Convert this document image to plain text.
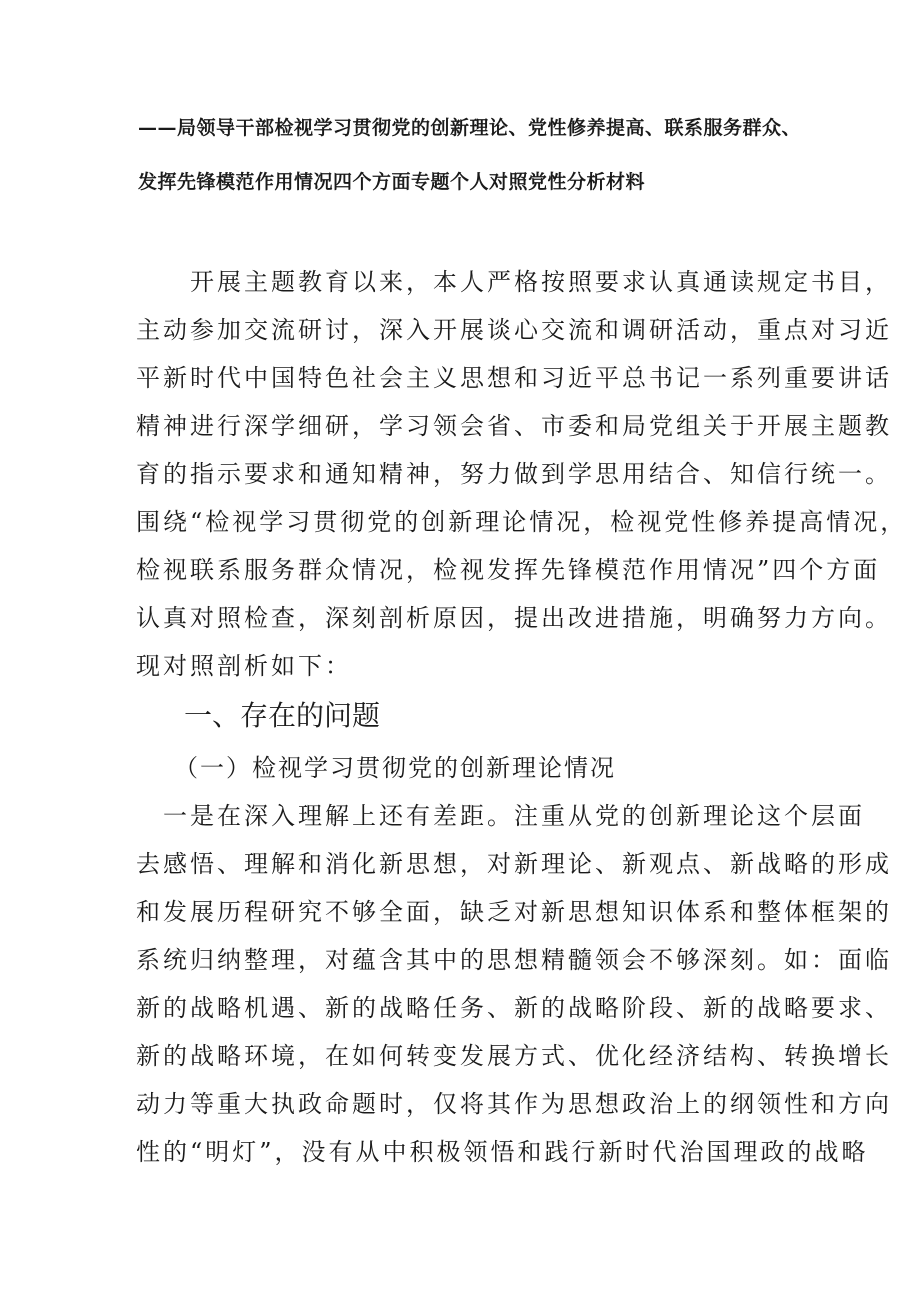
——局领导干部检视学习贯彻党的创新理论、党性修养提高、联系服务群众、
发挥先锋模范作用情况四个方面专题个人对照党性分析材料
　　开展主题教育以来，本人严格按照要求认真通读规定书目，
主动参加交流研讨，深入开展谈心交流和调研活动，重点对习近
平新时代中国特色社会主义思想和习近平总书记一系列重要讲话
精神进行深学细研，学习领会省、市委和局党组关于开展主题教
育的指示要求和通知精神，努力做到学思用结合、知信行统一。
围绕“检视学习贯彻党的创新理论情况，检视党性修养提高情况，
检视联系服务群众情况，检视发挥先锋模范作用情况”四个方面
认真对照检查，深刻剖析原因，提出改进措施，明确努力方向。
现对照剖析如下：
一、存在的问题
（一）检视学习贯彻党的创新理论情况
　一是在深入理解上还有差距。注重从党的创新理论这个层面
去感悟、理解和消化新思想，对新理论、新观点、新战略的形成
和发展历程研究不够全面，缺乏对新思想知识体系和整体框架的
系统归纳整理，对蕴含其中的思想精髓领会不够深刻。如：面临
新的战略机遇、新的战略任务、新的战略阶段、新的战略要求、
新的战略环境，在如何转变发展方式、优化经济结构、转换增长
动力等重大执政命题时，仅将其作为思想政治上的纲领性和方向
性的“明灯”，没有从中积极领悟和践行新时代治国理政的战略
